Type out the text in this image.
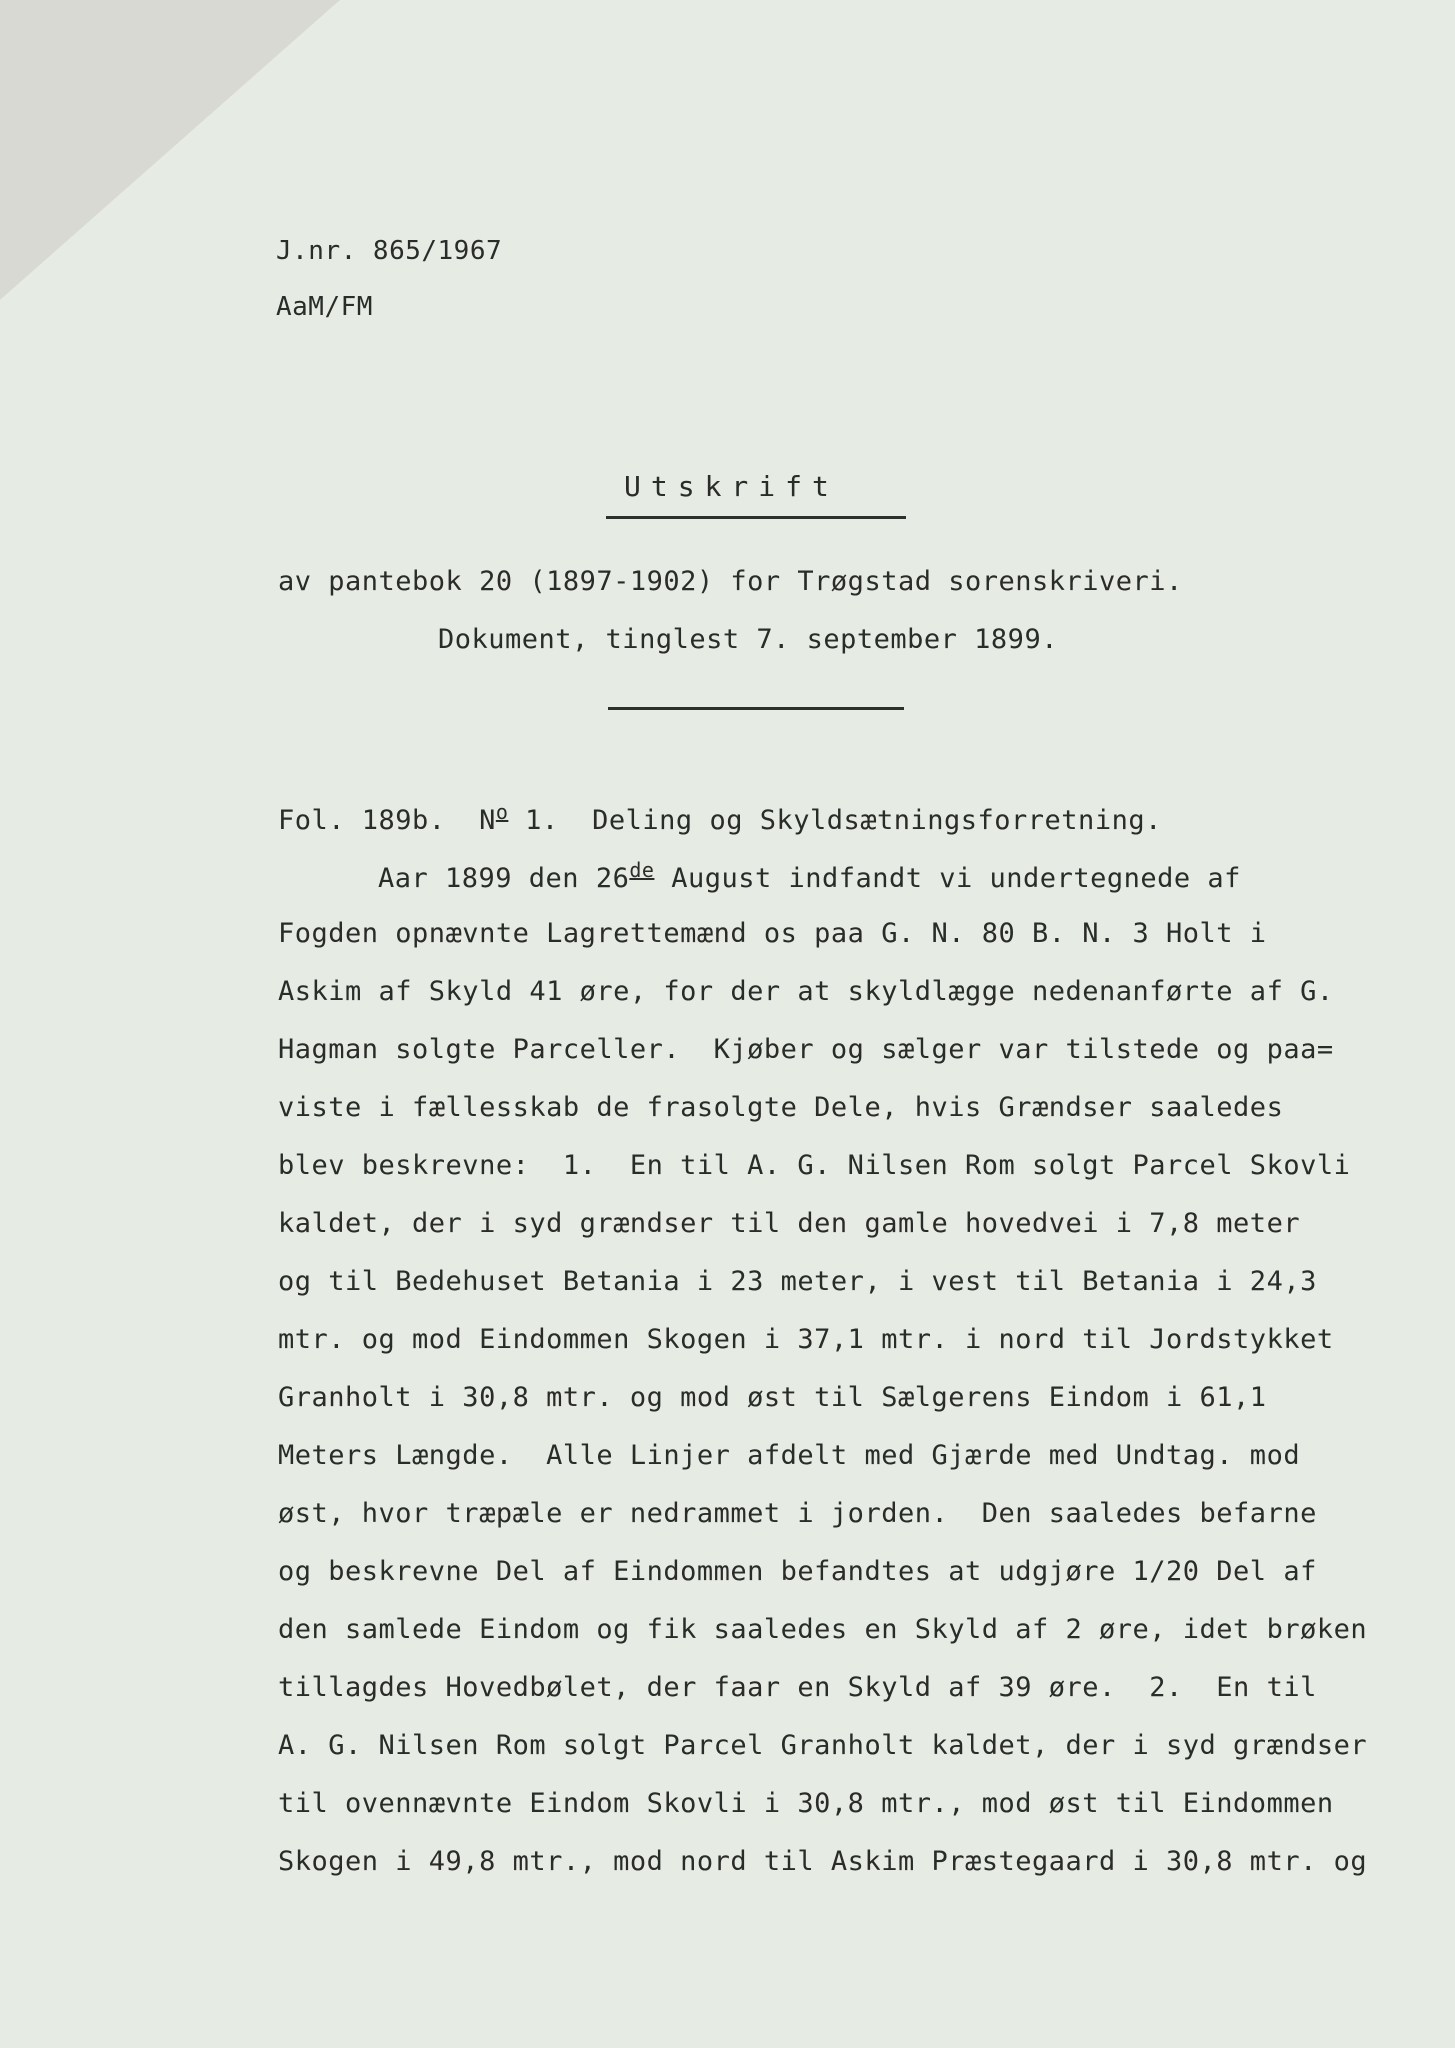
J.nr. 865/1967
AaM/FM
Utskrift
av pantebok 20 (1897-1902) for Trøgstad sorenskriveri.
Dokument, tinglest 7. september 1899.
Fol. 189b.  $N^o$ 1.  Deling og Skyldsætningsforretning.
Aar 1899 den 26de August indfandt vi undertegnede af
Fogden opnævnte Lagrettemænd os paa G. N. 80 B. N. 3 Holt i
Askim af Skyld 41 øre, for der at skyldlægge nedenanførte af G.
Hagman solgte Parceller.  Kjøber og sælger var tilstede og paa=
viste i fællesskab de frasolgte Dele, hvis Grændser saaledes
blev beskrevne:  1.  En til A. G. Nilsen Rom solgt Parcel Skovli
kaldet, der i syd grændser til den gamle hovedvei i 7,8 meter
og til Bedehuset Betania i 23 meter, i vest til Betania i 24,3
mtr. og mod Eindommen Skogen i 37,1 mtr. i nord til Jordstykket
Granholt i 30,8 mtr. og mod øst til Sælgerens Eindom i 61,1
Meters Længde.  Alle Linjer afdelt med Gjærde med Undtag. mod
øst, hvor træpæle er nedrammet i jorden.  Den saaledes befarne
og beskrevne Del af Eindommen befandtes at udgjøre 1/20 Del af
den samlede Eindom og fik saaledes en Skyld af 2 øre, idet brøken
tillagdes Hovedbølet, der faar en Skyld af 39 øre.  2.  En til
A. G. Nilsen Rom solgt Parcel Granholt kaldet, der i syd grændser
til ovennævnte Eindom Skovli i 30,8 mtr., mod øst til Eindommen
Skogen i 49,8 mtr., mod nord til Askim Præstegaard i 30,8 mtr. og
